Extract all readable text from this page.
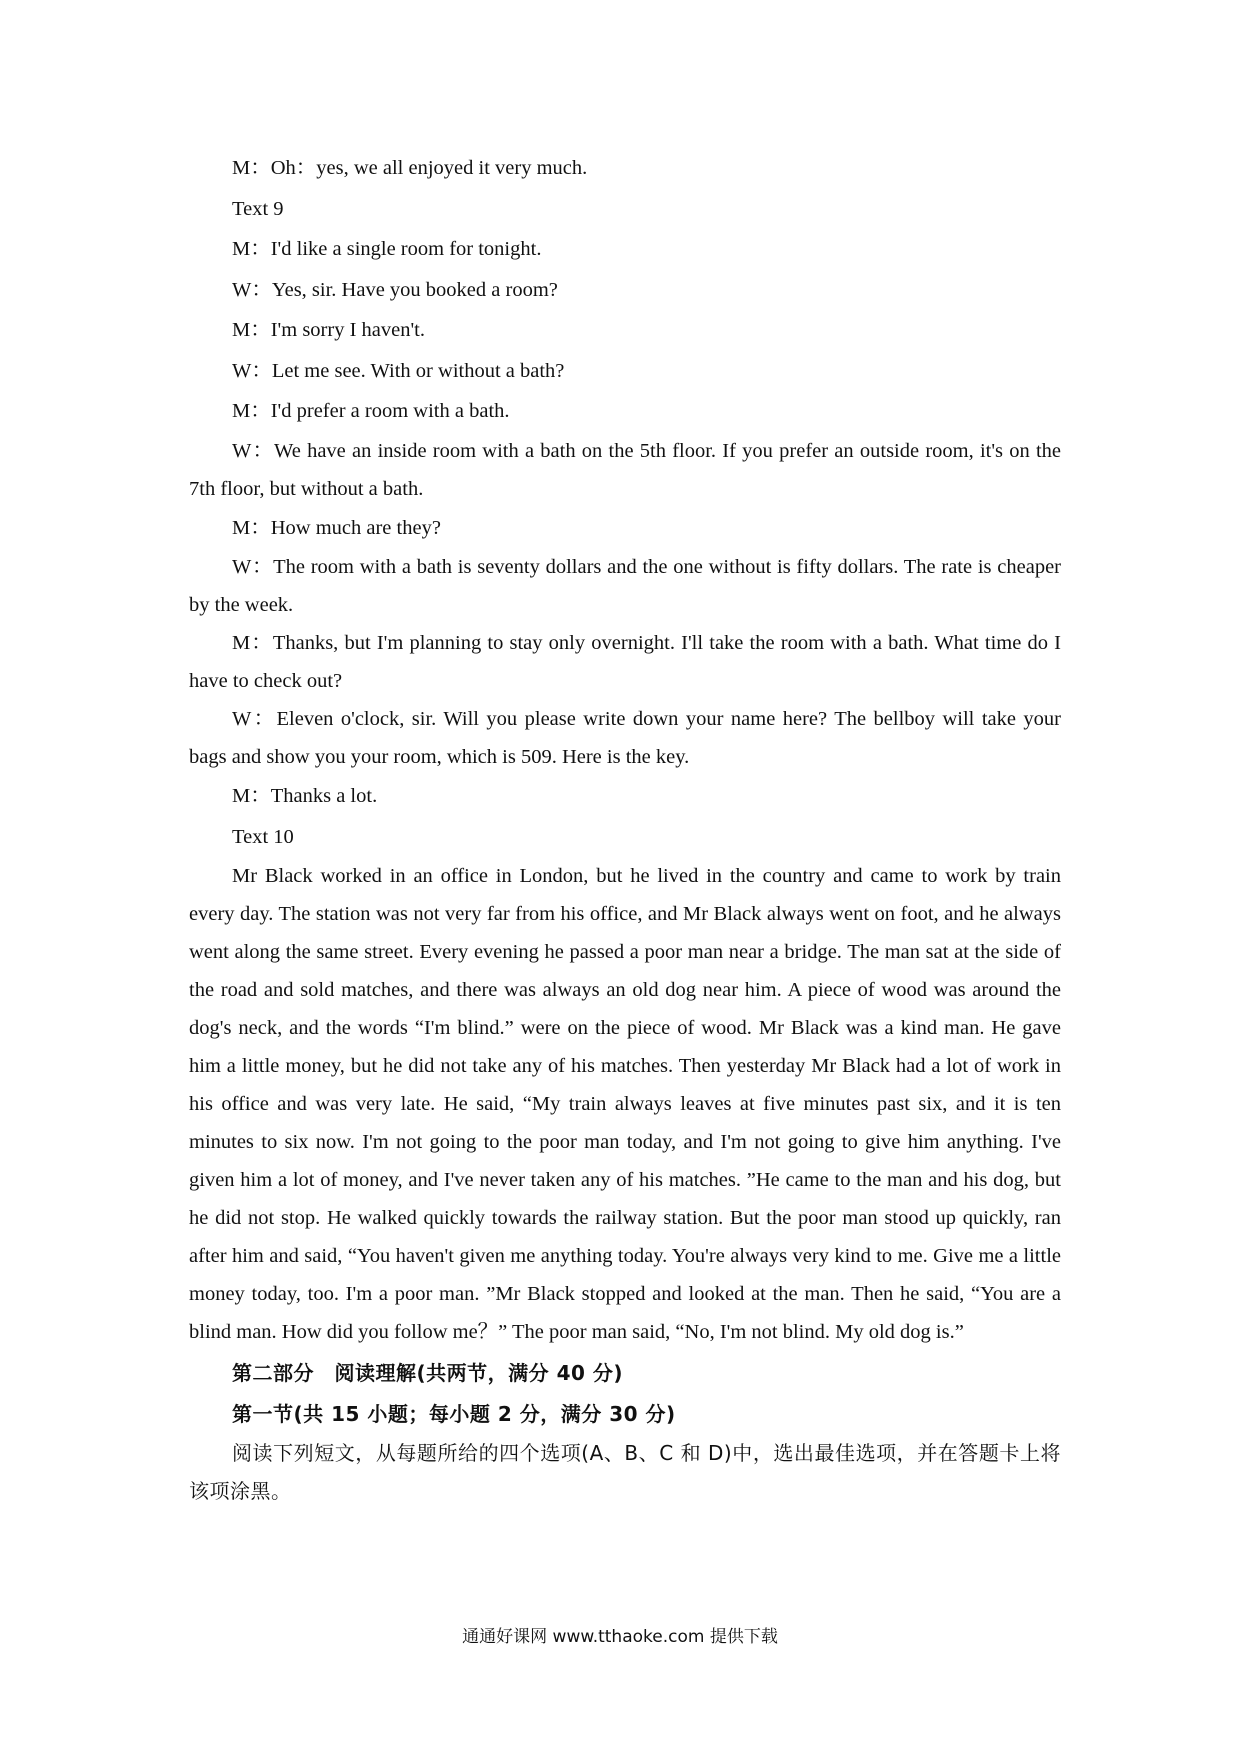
M：Oh：yes, we all enjoyed it very much.

Text 9

M：I'd like a single room for tonight.

W：Yes, sir. Have you booked a room?

M：I'm sorry I haven't.

W：Let me see. With or without a bath?

M：I'd prefer a room with a bath.

W：We have an inside room with a bath on the 5th floor. If you prefer an outside room, it's on the 7th floor, but without a bath.

M：How much are they?

W：The room with a bath is seventy dollars and the one without is fifty dollars. The rate is cheaper by the week.

M：Thanks, but I'm planning to stay only overnight. I'll take the room with a bath. What time do I have to check out?

W：Eleven o'clock, sir. Will you please write down your name here? The bellboy will take your bags and show you your room, which is 509. Here is the key.

M：Thanks a lot.

Text 10

Mr Black worked in an office in London, but he lived in the country and came to work by train every day. The station was not very far from his office, and Mr Black always went on foot, and he always went along the same street. Every evening he passed a poor man near a bridge. The man sat at the side of the road and sold matches, and there was always an old dog near him. A piece of wood was around the dog's neck, and the words “I'm blind.” were on the piece of wood. Mr Black was a kind man. He gave him a little money, but he did not take any of his matches. Then yesterday Mr Black had a lot of work in his office and was very late. He said, “My train always leaves at five minutes past six, and it is ten minutes to six now. I'm not going to the poor man today, and I'm not going to give him anything. I've given him a lot of money, and I've never taken any of his matches. ”He came to the man and his dog, but he did not stop. He walked quickly towards the railway station. But the poor man stood up quickly, ran after him and said, “You haven't given me anything today. You're always very kind to me. Give me a little money today, too. I'm a poor man. ”Mr Black stopped and looked at the man. Then he said, “You are a blind man. How did you follow me？” The poor man said, “No, I'm not blind. My old dog is.”

第二部分　阅读理解(共两节，满分 40 分)

第一节(共 15 小题；每小题 2 分，满分 30 分)

阅读下列短文，从每题所给的四个选项(A、B、C 和 D)中，选出最佳选项，并在答题卡上将该项涂黑。

通通好课网 www.tthaoke.com 提供下载
